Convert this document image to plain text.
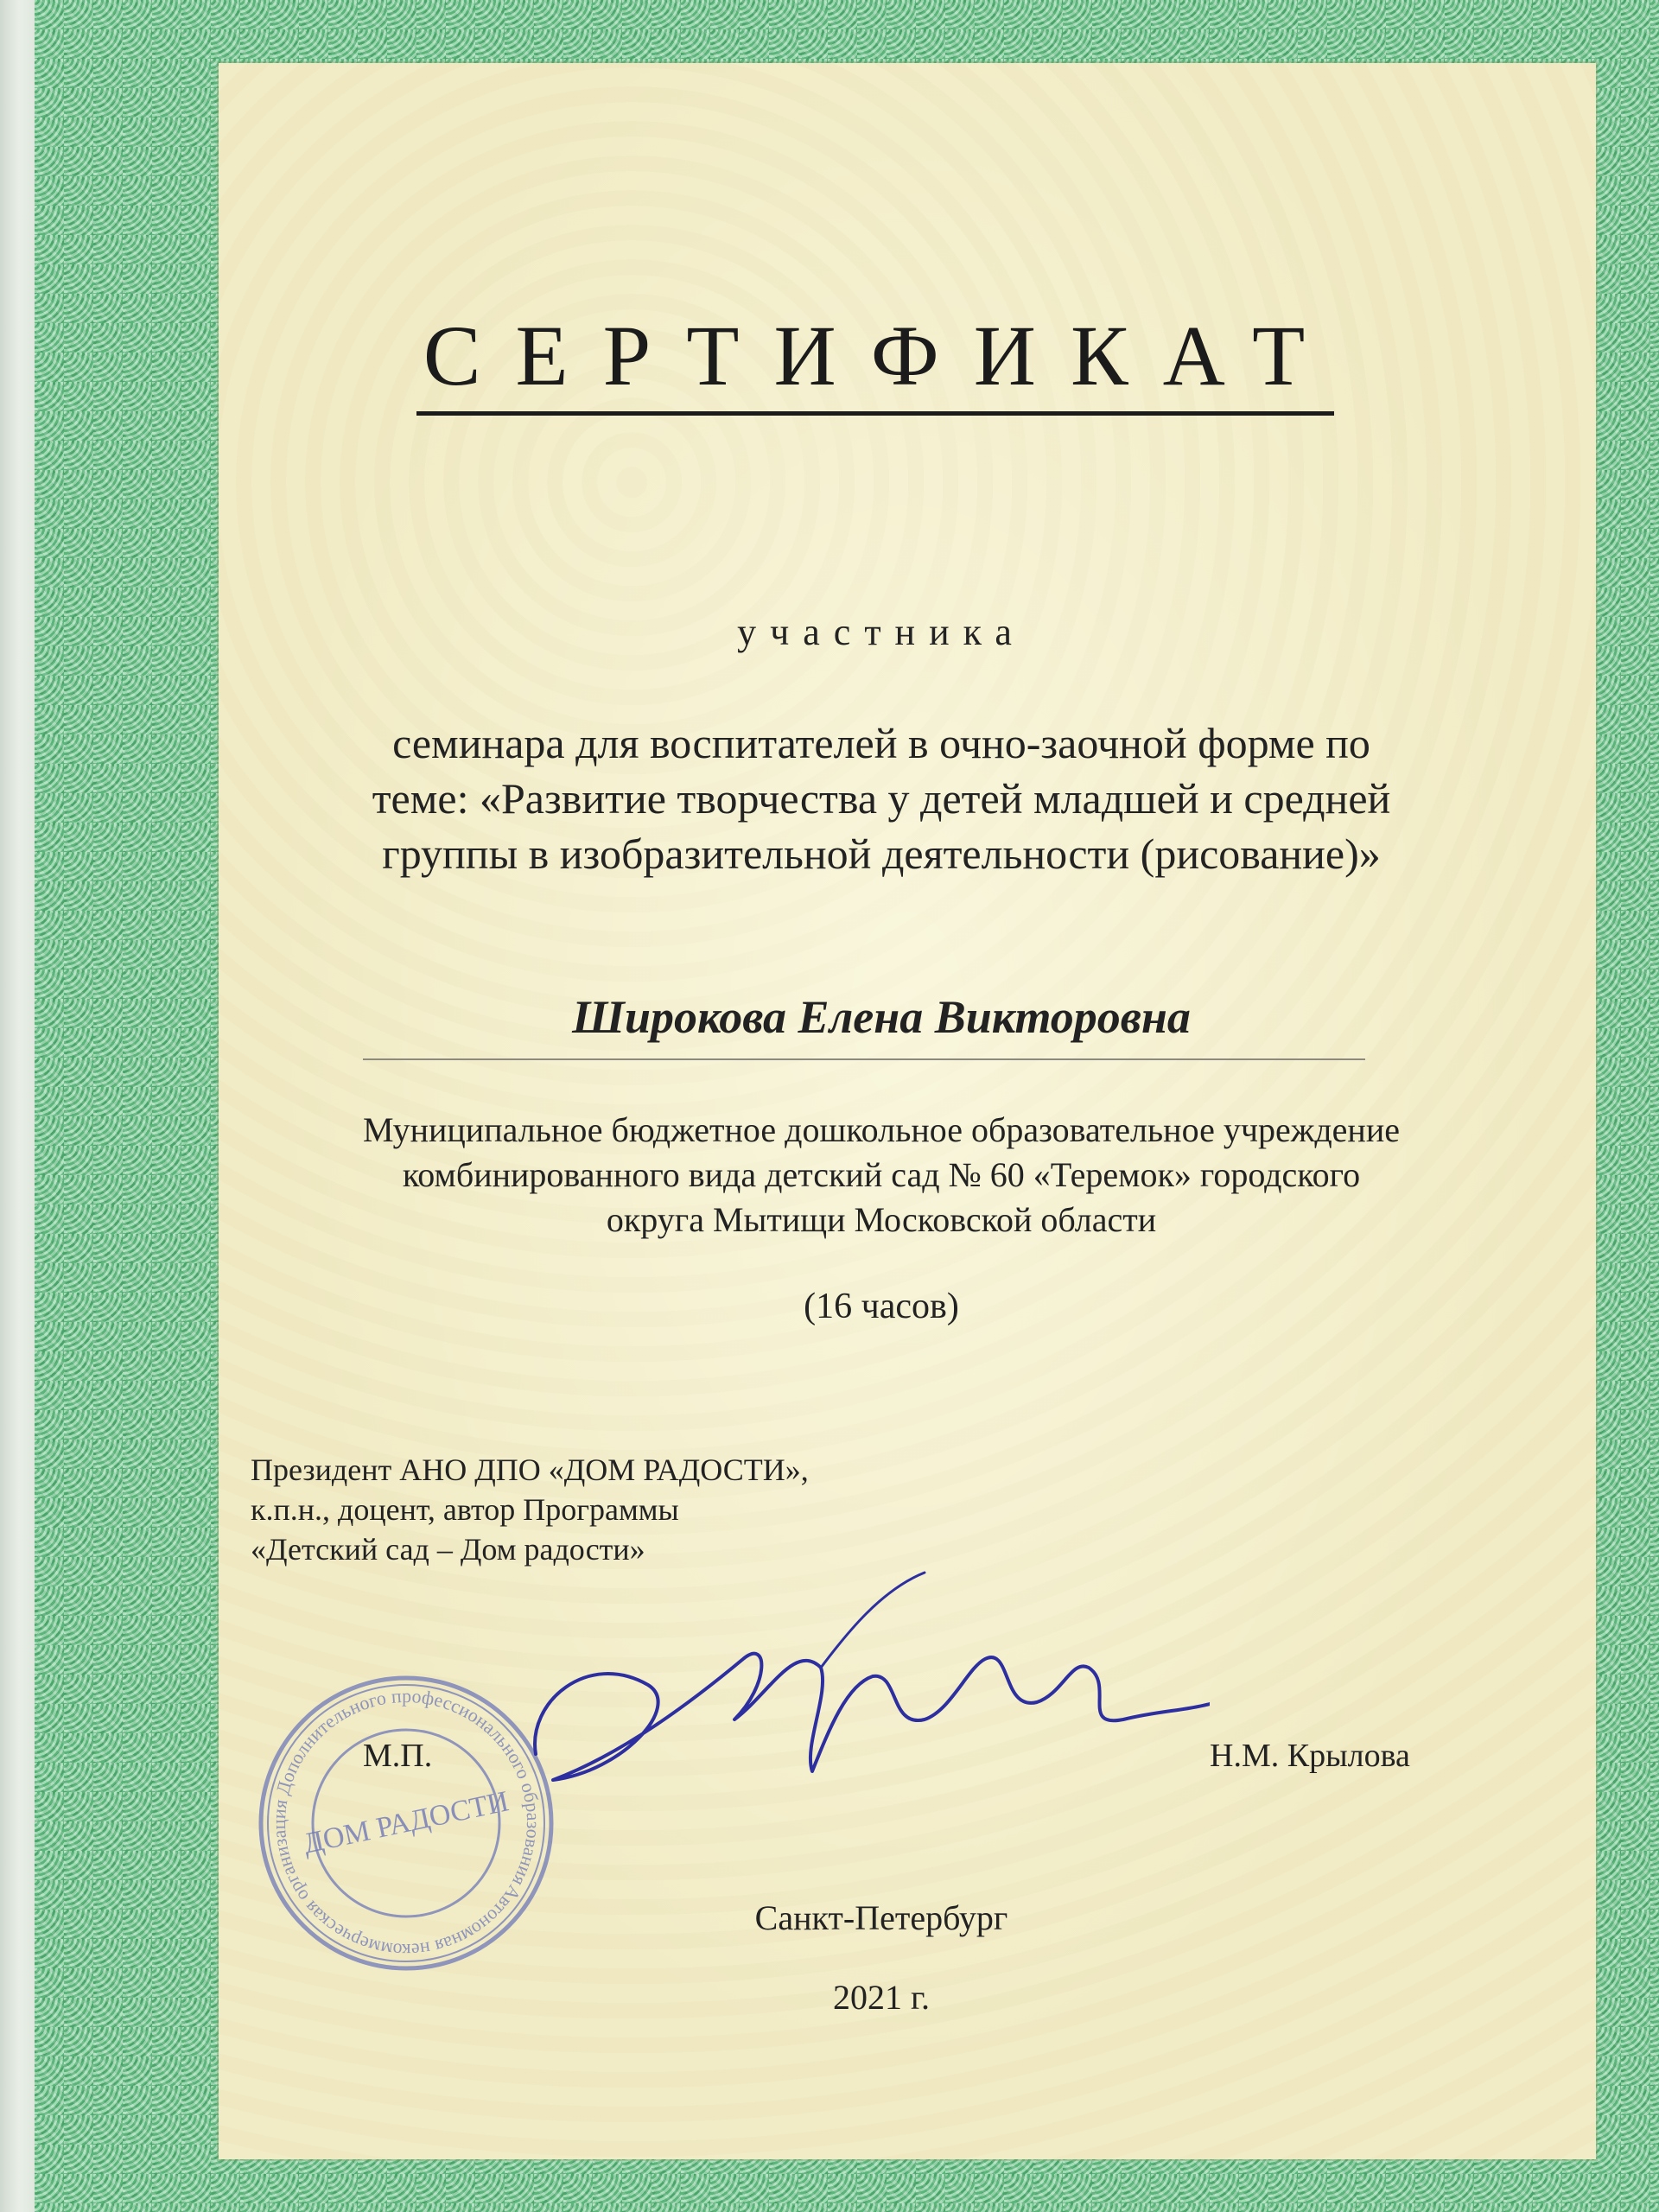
СЕРТИФИКАТ
участника
семинара для воспитателей в очно-заочной форме по
теме: «Развитие творчества у детей младшей и средней
группы в изобразительной деятельности (рисование)»
Широкова Елена Викторовна
Муниципальное бюджетное дошкольное образовательное учреждение
комбинированного вида детский сад № 60 «Теремок» городского
округа Мытищи Московской области
(16 часов)
Президент АНО ДПО «ДОМ РАДОСТИ»,
к.п.н., доцент, автор Программы
«Детский сад – Дом радости»
Автономная некоммерческая организация Дополнительного профессионального образования
ДОМ РАДОСТИ
М.П.	Н.М. Крылова
Санкт-Петербург
2021 г.
